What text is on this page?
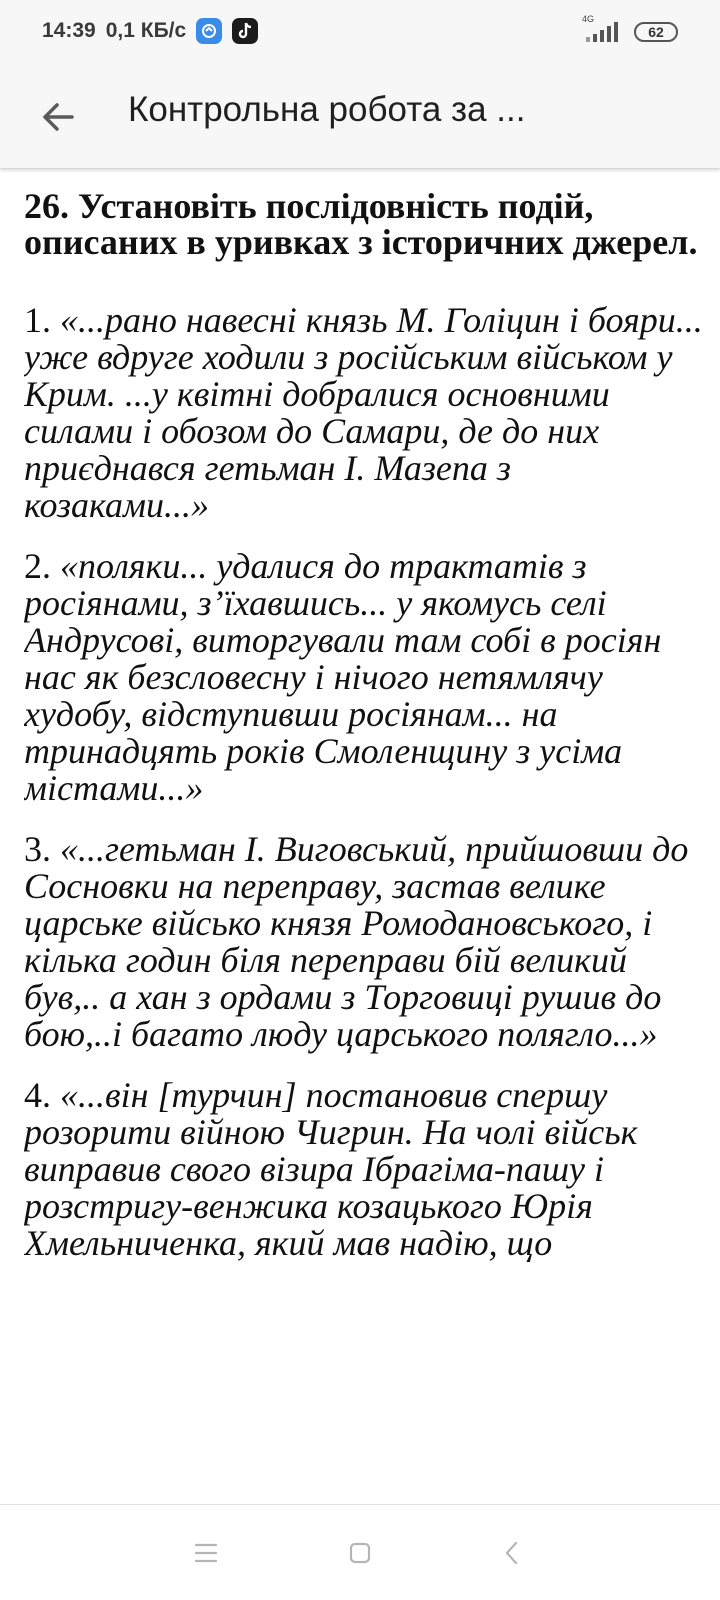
14:39 0,1 КБ/с	4G
62
Контрольна робота за ...
26. Установіть послідовність подій, описаних в уривках з історичних джерел.

1. «...рано навесні князь М. Голіцин і бояри... уже вдруге ходили з російським військом у Крим. ...у квітні добралися основними силами і обозом до Самари, де до них приєднався гетьман І. Мазепа з козаками...»

2. «поляки... удалися до трактатів з росіянами, з’їхавшись... у якомусь селі Андрусові, виторгували там собі в росіян нас як безсловесну і нічого нетямлячу худобу, відступивши росіянам... на тринадцять років Смоленщину з усіма містами...»

3. «...гетьман І. Виговський, прийшовши до Сосновки на переправу, застав велике царське військо князя Ромодановського, і кілька годин біля переправи бій великий був,.. а хан з ордами з Торговиці рушив до бою,..і багато люду царського полягло...»

4. «...він [турчин] постановив спершу розорити війною Чигрин. На чолі військ виправив свого візира Ібрагіма-пашу і розстригу-венжика козацького Юрія Хмельниченка, який мав надію, що
